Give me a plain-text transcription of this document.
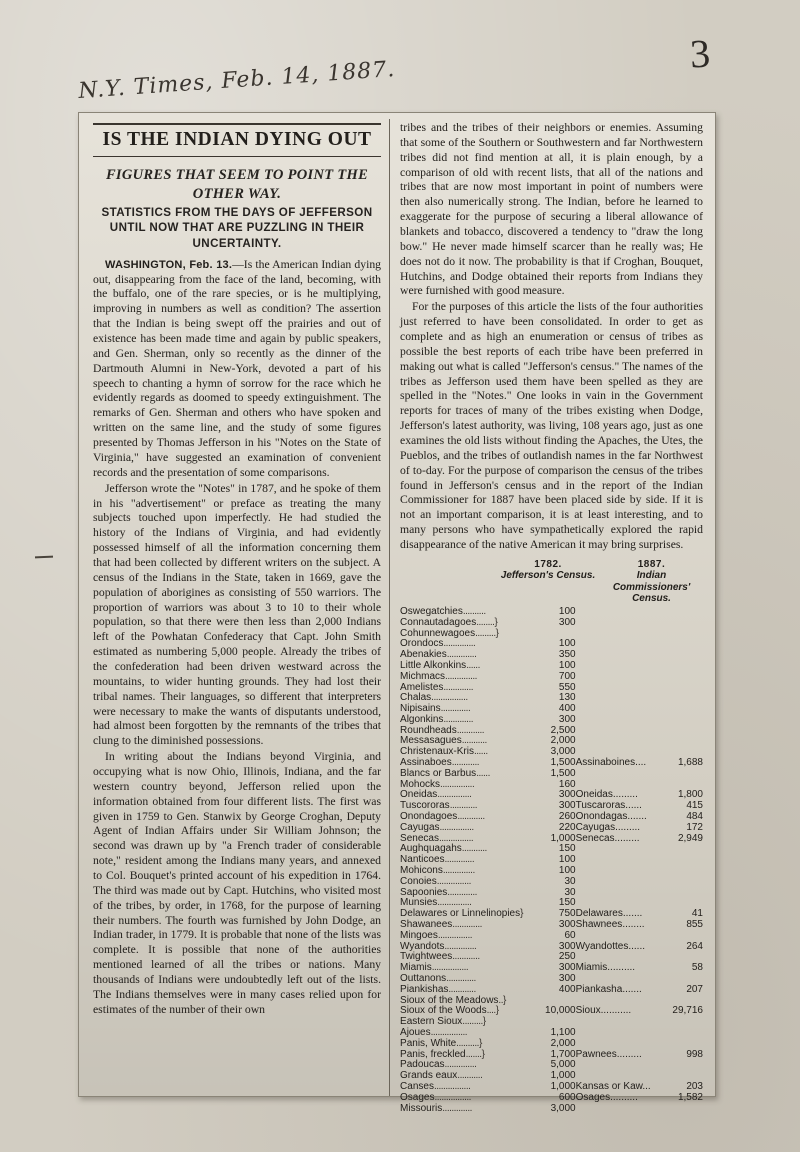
3
N.Y. Times, Feb. 14, 1887.
IS THE INDIAN DYING OUT
FIGURES THAT SEEM TO POINT THE OTHER WAY.
STATISTICS FROM THE DAYS OF JEFFERSON UNTIL NOW THAT ARE PUZZLING IN THEIR UNCERTAINTY.

WASHINGTON, Feb. 13.—Is the American Indian dying out, disappearing from the face of the land, becoming, with the buffalo, one of the rare species, or is he multiplying, improving in numbers as well as condition? The assertion that the Indian is being swept off the prairies and out of existence has been made time and again by public speakers, and Gen. Sherman, only so recently as the dinner of the Dartmouth Alumni in New-York, devoted a part of his speech to chanting a hymn of sorrow for the race which he evidently regards as doomed to speedy extinguishment. The remarks of Gen. Sherman and others who have spoken and written on the same line, and the study of some figures presented by Thomas Jefferson in his "Notes on the State of Virginia," have suggested an examination of convenient records and the presentation of some comparisons.

Jefferson wrote the "Notes" in 1787, and he spoke of them in his "advertisement" or preface as treating the many subjects touched upon imperfectly. He had studied the history of the Indians of Virginia, and had evidently possessed himself of all the information concerning them that had been collected by different writers on the subject. A census of the Indians in the State, taken in 1669, gave the population of aborigines as consisting of 550 warriors. The proportion of warriors was about 3 to 10 to their whole population, so that there were then less than 2,000 Indians left of the Powhatan Confederacy that Capt. John Smith estimated as numbering 5,000 people. Already the tribes of the confederation had been driven westward across the mountains, to wider hunting grounds. They had lost their tribal names. Their languages, so different that interpreters were necessary to make the wants of disputants understood, had almost been forgotten by the remnants of the tribes that clung to the diminished possessions.

In writing about the Indians beyond Virginia, and occupying what is now Ohio, Illinois, Indiana, and the far western country beyond, Jefferson relied upon the information obtained from four different lists. The first was given in 1759 to Gen. Stanwix by George Croghan, Deputy Agent of Indian Affairs under Sir William Johnson; the second was drawn up by "a French trader of considerable note," resident among the Indians many years, and annexed to Col. Bouquet's printed account of his expedition in 1764. The third was made out by Capt. Hutchins, who visited most of the tribes, by order, in 1768, for the purpose of learning their numbers. The fourth was furnished by John Dodge, an Indian trader, in 1779. It is probable that none of the lists was complete. It is possible that none of the authorities mentioned learned of all the tribes or nations. Many thousands of Indians were undoubtedly left out of the lists. The Indians themselves were in many cases relied upon for estimates of the number of their own

tribes and the tribes of their neighbors or enemies. Assuming that some of the Southern or Southwestern and far Northwestern tribes did not find mention at all, it is plain enough, by a comparison of old with recent lists, that all of the nations and tribes that are now most important in point of numbers were then also numerically strong. The Indian, before he learned to exaggerate for the purpose of securing a liberal allowance of blankets and tobacco, discovered a tendency to "draw the long bow." He never made himself scarcer than he really was; He does not do it now. The probability is that if Croghan, Bouquet, Hutchins, and Dodge obtained their reports from Indians they were furnished with good measure.

For the purposes of this article the lists of the four authorities just referred to have been consolidated. In order to get as complete and as high an enumeration or census of tribes as possible the best reports of each tribe have been preferred in making out what is called "Jefferson's census." The names of the tribes as Jefferson used them have been spelled as they are spelled in the "Notes." One looks in vain in the Government reports for traces of many of the tribes existing when Dodge, Jefferson's latest authority, was living, 108 years ago, just as one examines the old lists without finding the Apaches, the Utes, the Pueblos, and the tribes of outlandish names in the far Northwest of to-day. For the purpose of comparison the census of the tribes found in Jefferson's census and in the report of the Indian Commissioner for 1887 have been placed side by side. If it is not an important comparison, it is at least interesting, and to many persons who have sympathetically explored the rapid disappearance of the native American it may bring surprises.

1782.
Jefferson's Census.
1887.
Indian Commissioners' Census.
Oswegatchies..........	100		
Connautadagoes........}	300		
Cohunnewagoes.........}			
Orondocs..............	100		
Abenakies.............	350		
Little Alkonkins......	100		
Michmacs..............	700		
Amelistes.............	550		
Chalas................	130		
Nipisains.............	400		
Algonkins.............	300		
Roundheads............	2,500		
Messasagues...........	2,000		
Christenaux-Kris......	3,000		
Assinaboes............	1,500	Assinaboines....	1,688
Blancs or Barbus......	1,500		
Mohocks...............	160		
Oneidas...............	300	Oneidas.........	1,800
Tuscororas............	300	Tuscaroras......	415
Onondagoes............	260	Onondagas.......	484
Cayugas...............	220	Cayugas.........	172
Senecas...............	1,000	Senecas.........	2,949
Aughquagahs...........	150		
Nanticoes.............	100		
Mohicons..............	100		
Conoies...............	30		
Sapoonies.............	30		
Munsies...............	150		
Delawares or Linnelinopies}	750	Delawares.......	41
Shawanees.............	300	Shawnees........	855
Mingoes...............	60		
Wyandots..............	300	Wyandottes......	264
Twightwees............	250		
Miamis................	300	Miamis..........	58
Outtanons.............	300		
Piankishas............	400	Piankasha.......	207
Sioux of the Meadows..}			
Sioux of the Woods....}	10,000	Sioux...........	29,716
Eastern Sioux.........}			
Ajoues................	1,100		
Panis, White..........}	2,000		
Panis, freckled.......}	1,700	Pawnees.........	998
Padoucas..............	5,000		
Grands eaux...........	1,000		
Canses................	1,000	Kansas or Kaw...	203
Osages................	600	Osages..........	1,582
Missouris.............	3,000		
